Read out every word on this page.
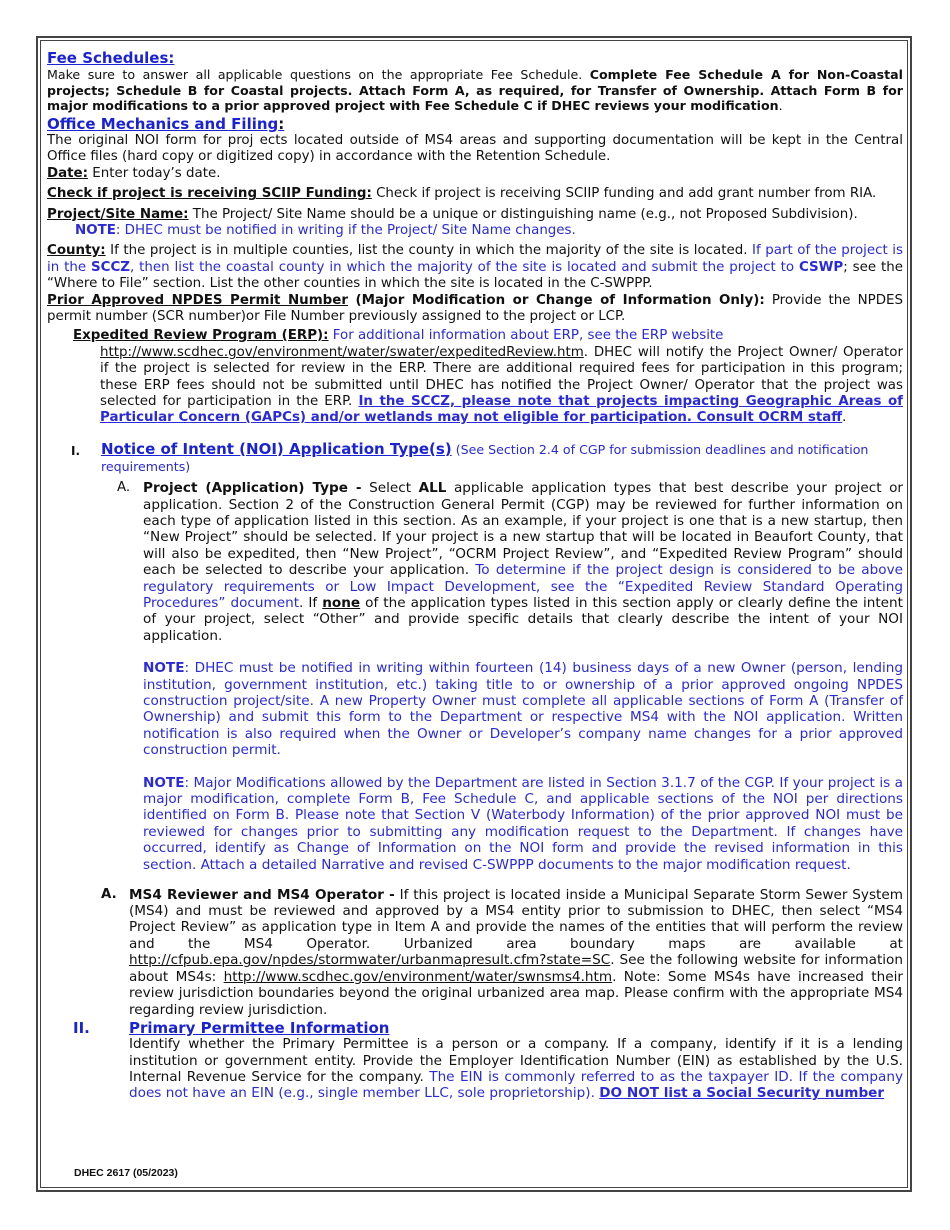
Fee Schedules:

Make sure to answer all applicable questions on the appropriate Fee Schedule. Complete Fee Schedule A for Non-Coastal projects; Schedule B for Coastal projects. Attach Form A, as required, for Transfer of Ownership. Attach Form B for major modifications to a prior approved project with Fee Schedule C if DHEC reviews your modification.

Office Mechanics and Filing:

The original NOI form for proj ects located outside of MS4 areas and supporting documentation will be kept in the Central Office files (hard copy or digitized copy) in accordance with the Retention Schedule.

Date: Enter today’s date.

Check if project is receiving SCIIP Funding: Check if project is receiving SCIIP funding and add grant number from RIA.

Project/Site Name: The Project/ Site Name should be a unique or distinguishing name (e.g., not Proposed Subdivision).
NOTE: DHEC must be notified in writing if the Project/ Site Name changes.

County: If the project is in multiple counties, list the county in which the majority of the site is located. If part of the project is in the SCCZ, then list the coastal county in which the majority of the site is located and submit the project to CSWP; see the “Where to File” section. List the other counties in which the site is located in the C-SWPPP.

Prior Approved NPDES Permit Number (Major Modification or Change of Information Only): Provide the NPDES permit number (SCR number)or File Number previously assigned to the project or LCP.

Expedited Review Program (ERP): For additional information about ERP, see the ERP website

http://www.scdhec.gov/environment/water/swater/expeditedReview.htm. DHEC will notify the Project Owner/ Operator if the project is selected for review in the ERP. There are additional required fees for participation in this program; these ERP fees should not be submitted until DHEC has notified the Project Owner/ Operator that the project was selected for participation in the ERP. In the SCCZ, please note that projects impacting Geographic Areas of Particular Concern (GAPCs) and/or wetlands may not eligible for participation. Consult OCRM staff.

I.	Notice of Intent (NOI) Application Type(s) (See Section 2.4 of CGP for submission deadlines and notification requirements)
A. Project (Application) Type - Select ALL applicable application types that best describe your project or application. Section 2 of the Construction General Permit (CGP) may be reviewed for further information on each type of application listed in this section. As an example, if your project is one that is a new startup, then “New Project” should be selected. If your project is a new startup that will be located in Beaufort County, that will also be expedited, then “New Project”, “OCRM Project Review”, and “Expedited Review Program” should each be selected to describe your application. To determine if the project design is considered to be above regulatory requirements or Low Impact Development, see the “Expedited Review Standard Operating Procedures” document. If none of the application types listed in this section apply or clearly define the intent of your project, select “Other” and provide specific details that clearly describe the intent of your NOI application.

NOTE: DHEC must be notified in writing within fourteen (14) business days of a new Owner (person, lending institution, government institution, etc.) taking title to or ownership of a prior approved ongoing NPDES construction project/site. A new Property Owner must complete all applicable sections of Form A (Transfer of Ownership) and submit this form to the Department or respective MS4 with the NOI application. Written notification is also required when the Owner or Developer’s company name changes for a prior approved construction permit.

NOTE: Major Modifications allowed by the Department are listed in Section 3.1.7 of the CGP. If your project is a major modification, complete Form B, Fee Schedule C, and applicable sections of the NOI per directions identified on Form B. Please note that Section V (Waterbody Information) of the prior approved NOI must be reviewed for changes prior to submitting any modification request to the Department. If changes have occurred, identify as Change of Information on the NOI form and provide the revised information in this section. Attach a detailed Narrative and revised C-SWPPP documents to the major modification request.

A. MS4 Reviewer and MS4 Operator - If this project is located inside a Municipal Separate Storm Sewer System (MS4) and must be reviewed and approved by a MS4 entity prior to submission to DHEC, then select “MS4 Project Review” as application type in Item A and provide the names of the entities that will perform the review and the MS4 Operator. Urbanized area boundary maps are available at http://cfpub.epa.gov/npdes/stormwater/urbanmapresult.cfm?state=SC. See the following website for information about MS4s: http://www.scdhec.gov/environment/water/swnsms4.htm. Note: Some MS4s have increased their review jurisdiction boundaries beyond the original urbanized area map. Please confirm with the appropriate MS4 regarding review jurisdiction.
II.	Primary Permittee Information

Identify whether the Primary Permittee is a person or a company. If a company, identify if it is a lending institution or government entity. Provide the Employer Identification Number (EIN) as established by the U.S. Internal Revenue Service for the company. The EIN is commonly referred to as the taxpayer ID. If the company does not have an EIN (e.g., single member LLC, sole proprietorship). DO NOT list a Social Security number

DHEC 2617 (05/2023)
